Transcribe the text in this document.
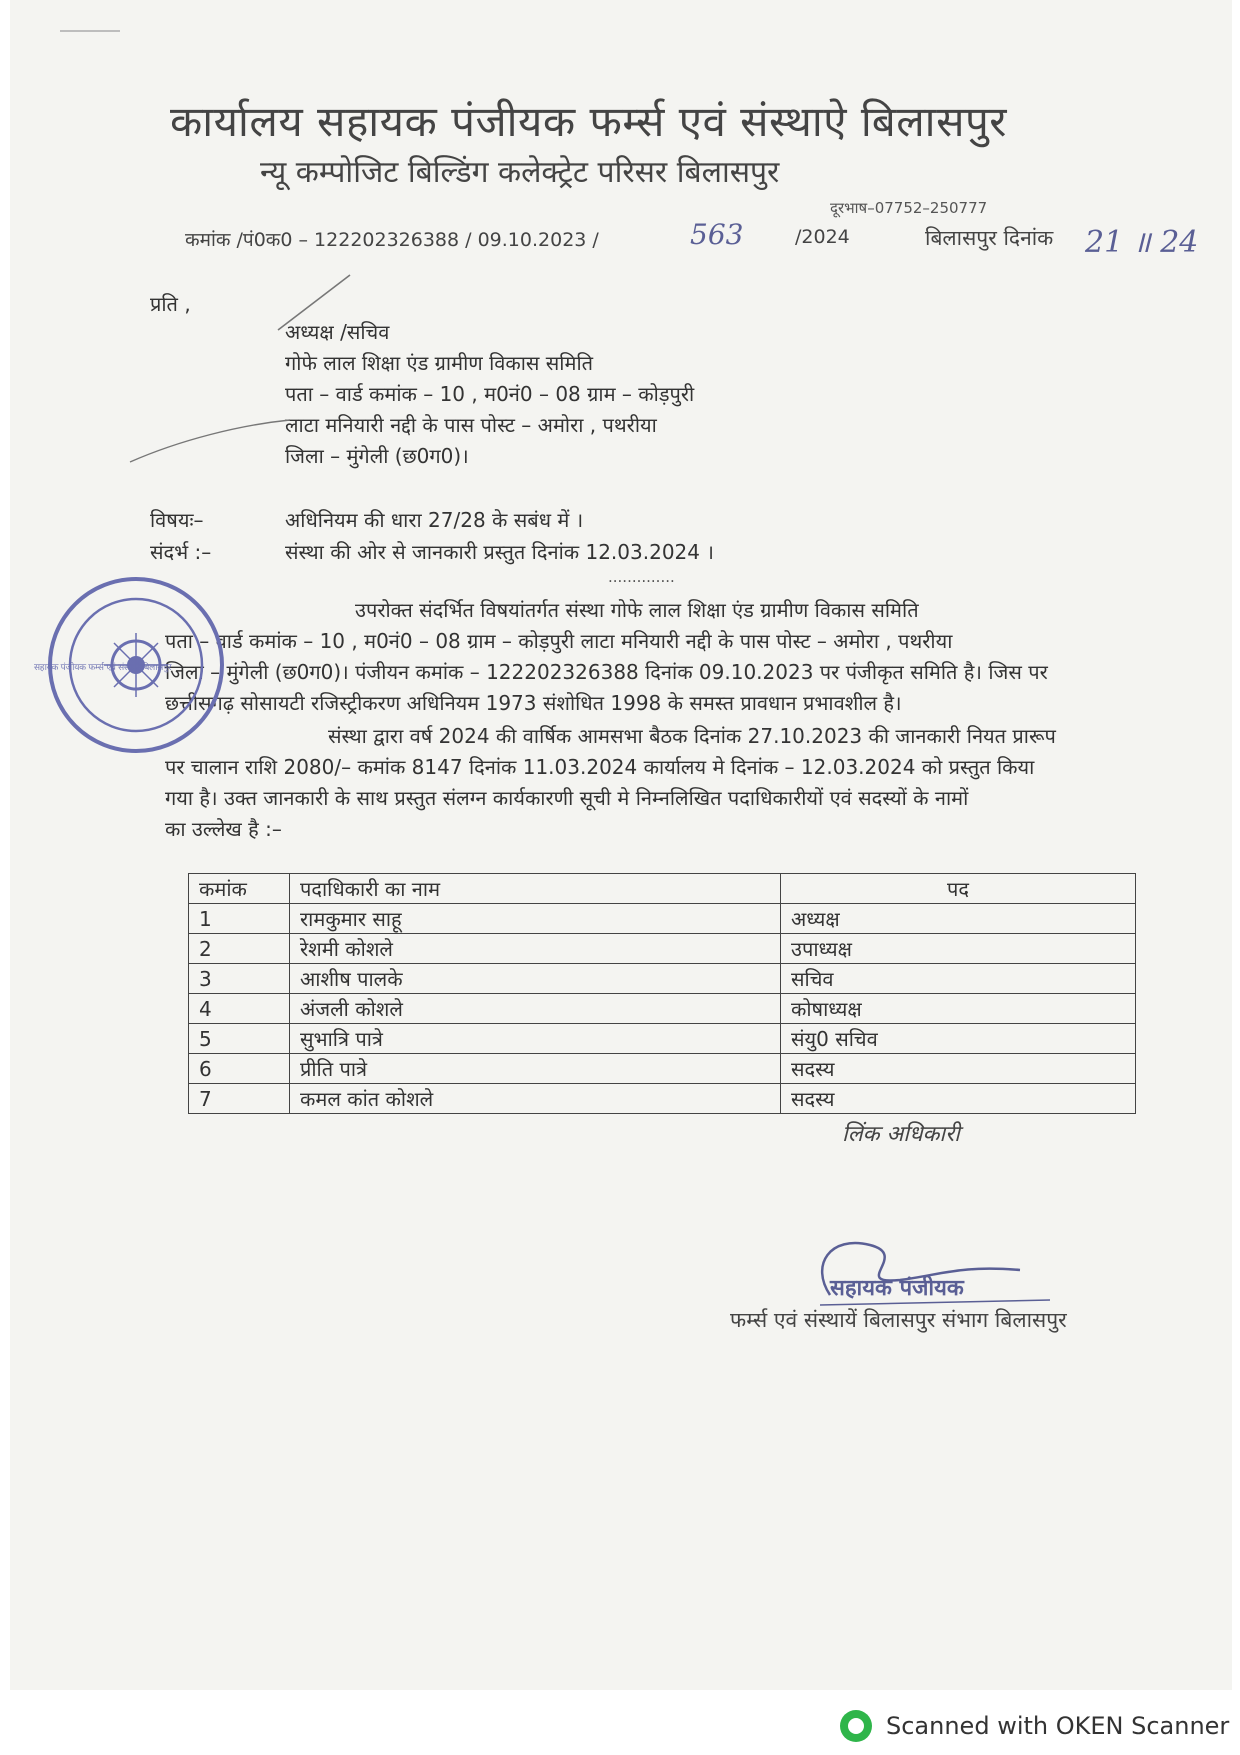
कार्यालय सहायक पंजीयक फर्म्स एवं संस्थाऐ बिलासपुर
न्यू कम्पोजिट बिल्डिंग कलेक्ट्रेट परिसर बिलासपुर
दूरभाष–07752–250777
कमांक /पं0क0 – 122202326388 / 09.10.2023 /	563	/2024	बिलासपुर दिनांक 21 ॥ 24
प्रति ,
अध्यक्ष /सचिव
गोफे लाल शिक्षा एंड ग्रामीण विकास समिति
पता – वार्ड कमांक – 10 , म0नं0 – 08 ग्राम – कोड़पुरी
लाटा मनियारी नद्दी के पास पोस्ट – अमोरा , पथरीया
जिला – मुंगेली (छ0ग0)।
विषयः–	अधिनियम की धारा 27/28 के सबंध में ।
संदर्भ :–	संस्था की ओर से जानकारी प्रस्तुत दिनांक 12.03.2024 ।
..............
उपरोक्त संदर्भित विषयांतर्गत संस्था गोफे लाल शिक्षा एंड ग्रामीण विकास समिति
पता – वार्ड कमांक – 10 , म0नं0 – 08 ग्राम – कोड़पुरी लाटा मनियारी नद्दी के पास पोस्ट – अमोरा , पथरीया
जिला – मुंगेली (छ0ग0)। पंजीयन कमांक – 122202326388 दिनांक 09.10.2023 पर पंजीकृत समिति है। जिस पर
छत्तीसगढ़ सोसायटी रजिस्ट्रीकरण अधिनियम 1973 संशोधित 1998 के समस्त प्रावधान प्रभावशील है।
संस्था द्वारा वर्ष 2024 की वार्षिक आमसभा बैठक दिनांक 27.10.2023 की जानकारी नियत प्रारूप
पर चालान राशि 2080/– कमांक 8147 दिनांक 11.03.2024 कार्यालय मे दिनांक – 12.03.2024 को प्रस्तुत किया
गया है। उक्त जानकारी के साथ प्रस्तुत संलग्न कार्यकारणी सूची मे निम्नलिखित पदाधिकारीयों एवं सदस्यों के नामों
का उल्लेख है :–
कमांक	पदाधिकारी का नाम	पद
1	रामकुमार साहू	अध्यक्ष
2	रेशमी कोशले	उपाध्यक्ष
3	आशीष पालके	सचिव
4	अंजली कोशले	कोषाध्यक्ष
5	सुभात्रि पात्रे	संयु0 सचिव
6	प्रीति पात्रे	सदस्य
7	कमल कांत कोशले	सदस्य
लिंक अधिकारी
सहायक पंजीयक
फर्म्स एवं संस्थायें बिलासपुर संभाग बिलासपुर
सहायक पंजीयक फर्म्स एवं संस्थाएँ बिलासपुर
Scanned with OKEN Scanner
